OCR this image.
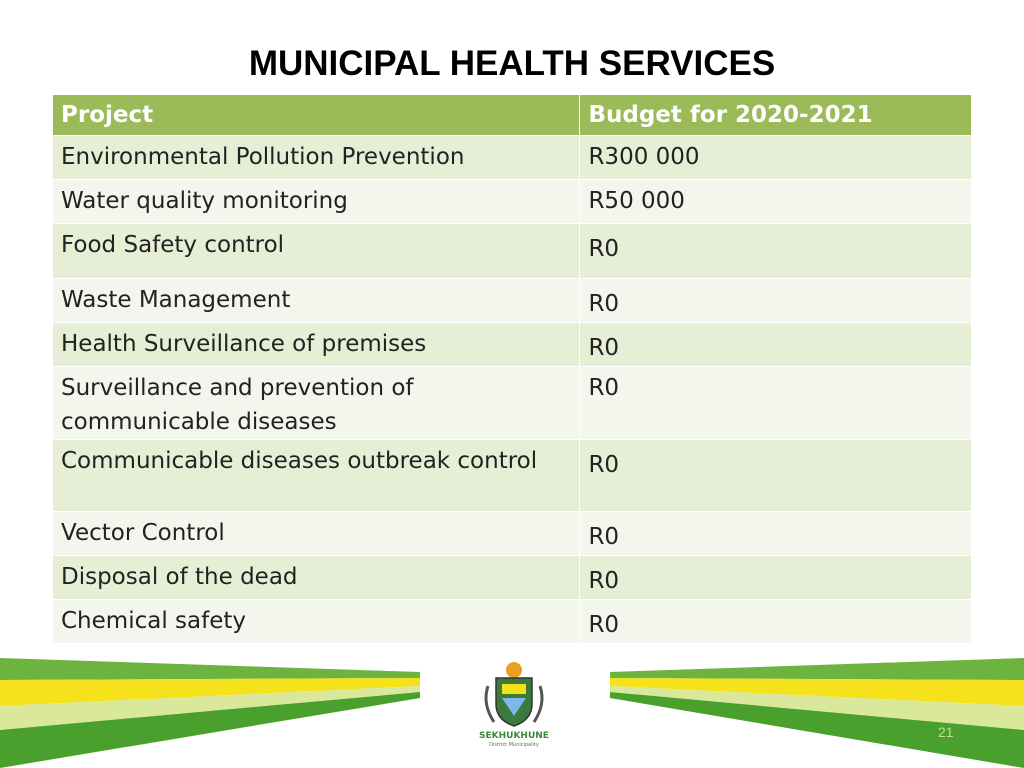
MUNICIPAL HEALTH SERVICES
Project	Budget for 2020-2021
Environmental Pollution Prevention	R300 000
Water quality monitoring	R50 000
Food Safety control	R0
Waste Management	R0
Health Surveillance of premises	R0
Surveillance and prevention of communicable diseases	R0
Communicable diseases outbreak control	R0
Vector Control	R0
Disposal of the dead	R0
Chemical safety	R0
SEKHUKHUNE
District Municipality
21
